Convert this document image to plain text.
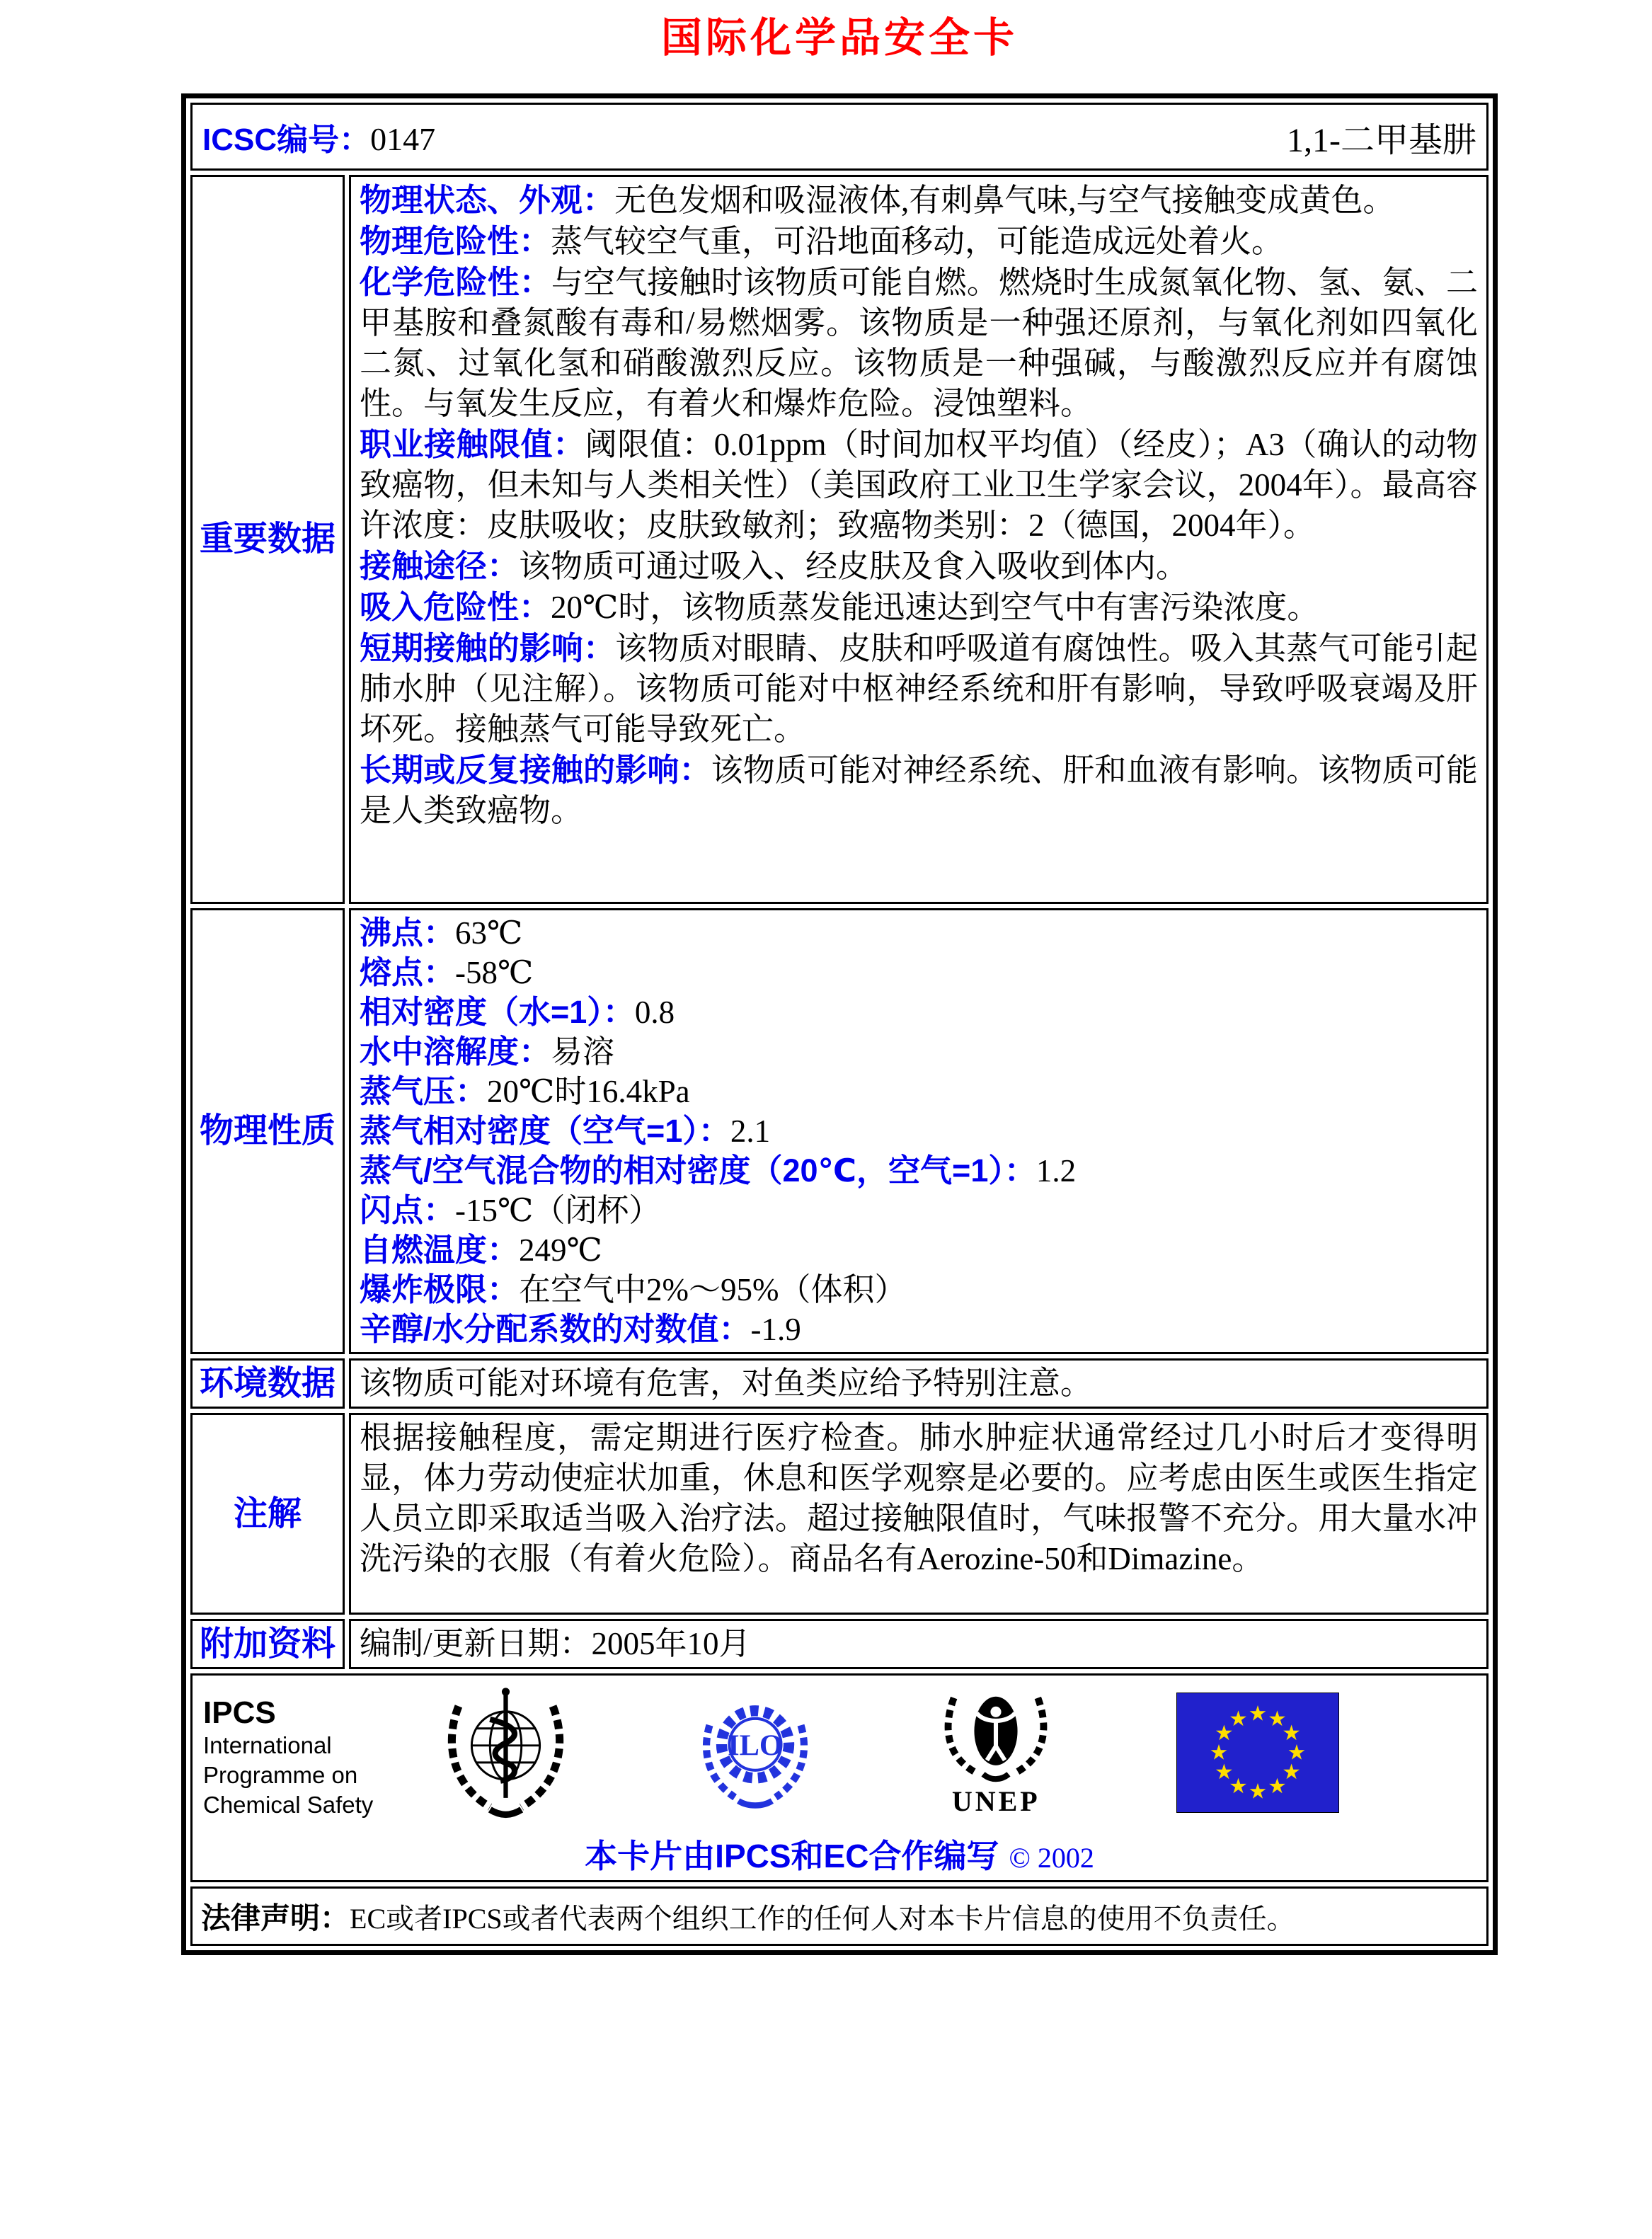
国际化学品安全卡
ICSC编号：0147 1,1-二甲基肼	

重要数据	

物理状态、外观：无色发烟和吸湿液体,有刺鼻气味,与空气接触变成黄色。

物理危险性：蒸气较空气重，可沿地面移动，可能造成远处着火。

化学危险性：与空气接触时该物质可能自燃。燃烧时生成氮氧化物、氢、氨、二甲基胺和叠氮酸有毒和/易燃烟雾。该物质是一种强还原剂，与氧化剂如四氧化二氮、过氧化氢和硝酸激烈反应。该物质是一种强碱，与酸激烈反应并有腐蚀性。与氧发生反应，有着火和爆炸危险。浸蚀塑料。

职业接触限值：阈限值：0.01ppm（时间加权平均值）（经皮）；A3（确认的动物致癌物，但未知与人类相关性）（美国政府工业卫生学家会议，2004年）。最高容许浓度：皮肤吸收；皮肤致敏剂；致癌物类别：2（德国，2004年）。

接触途径：该物质可通过吸入、经皮肤及食入吸收到体内。

吸入危险性：20℃时，该物质蒸发能迅速达到空气中有害污染浓度。

短期接触的影响：该物质对眼睛、皮肤和呼吸道有腐蚀性。吸入其蒸气可能引起肺水肿（见注解）。该物质可能对中枢神经系统和肝有影响，导致呼吸衰竭及肝坏死。接触蒸气可能导致死亡。

长期或反复接触的影响：该物质可能对神经系统、肝和血液有影响。该物质可能是人类致癌物。

物理性质	
沸点：63℃
熔点：-58℃
相对密度（水=1）：0.8
水中溶解度：易溶
蒸气压：20℃时16.4kPa
蒸气相对密度（空气=1）：2.1
蒸气/空气混合物的相对密度（20℃，空气=1）：1.2
闪点：-15℃（闭杯）
自燃温度：249℃
爆炸极限：在空气中2%～95%（体积）
辛醇/水分配系数的对数值：-1.9

环境数据	该物质可能对环境有危害，对鱼类应给予特别注意。
注解	根据接触程度，需定期进行医疗检查。肺水肿症状通常经过几小时后才变得明显，体力劳动使症状加重，休息和医学观察是必要的。应考虑由医生或医生指定人员立即采取适当吸入治疗法。超过接触限值时，气味报警不充分。用大量水冲洗污染的衣服（有着火危险）。商品名有Aerozine-50和Dimazine。

附加资料	编制/更新日期：2005年10月

IPCS
International
Programme on
Chemical Safety
ILO
UNEP
本卡片由IPCS和EC合作编写 © 2002

法律声明：EC或者IPCS或者代表两个组织工作的任何人对本卡片信息的使用不负责任。	
